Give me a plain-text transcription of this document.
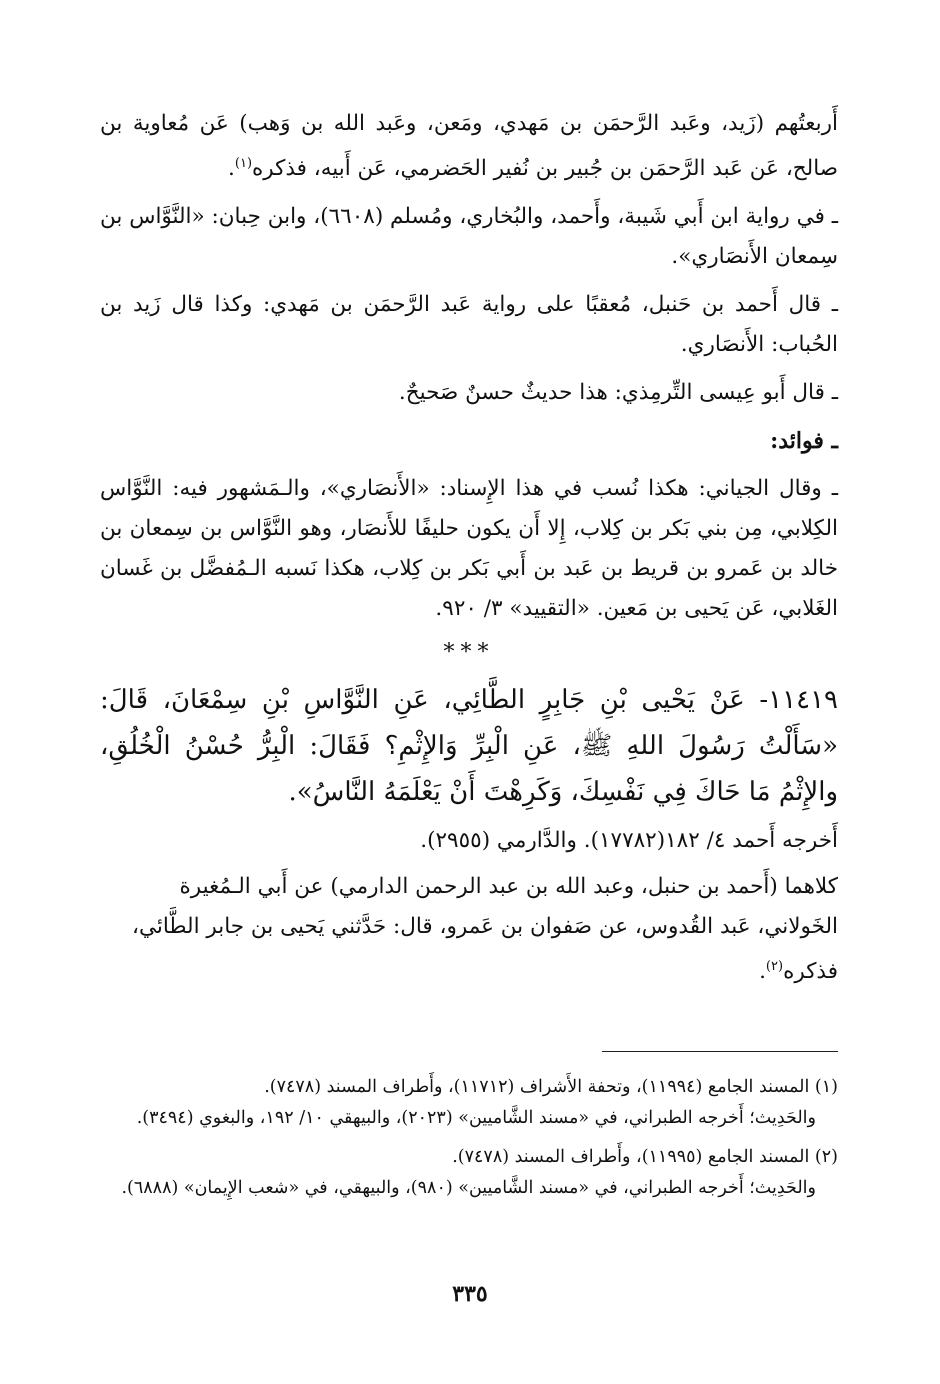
أَربعتُهم (زَيد، وعَبد الرَّحمَن بن مَهدي، ومَعن، وعَبد الله بن وَهب) عَن مُعاوية بن صالح، عَن عَبد الرَّحمَن بن جُبير بن نُفير الحَضرمي، عَن أَبيه، فذكره$^{(١)}$.

ـ في رواية ابن أَبي شَيبة، وأَحمد، والبُخاري، ومُسلم (٦٦٠٨)، وابن حِبان: «النَّوَّاس بن سِمعان الأَنصَاري».

ـ قال أَحمد بن حَنبل، مُعقبًا على رواية عَبد الرَّحمَن بن مَهدي: وكذا قال زَيد بن الحُباب: الأَنصَاري.

ـ قال أَبو عِيسى التِّرمِذي: هذا حديثٌ حسنٌ صَحيحٌ.

ـ فوائد:

ـ وقال الجياني: هكذا نُسب في هذا الإِسناد: «الأَنصَاري»، والـمَشهور فيه: النَّوَّاس الكِلابي، مِن بني بَكر بن كِلاب، إِلا أَن يكون حليفًا للأَنصَار، وهو النَّوَّاس بن سِمعان بن خالد بن عَمرو بن قريط بن عَبد بن أَبي بَكر بن كِلاب، هكذا نَسبه الـمُفضَّل بن غَسان الغَلابي، عَن يَحيى بن مَعين. «التقييد» ٣/ ٩٢٠.

***

١١٤١٩- عَنْ يَحْيى بْنِ جَابِرٍ الطَّائِي، عَنِ النَّوَّاسِ بْنِ سِمْعَانَ، قَالَ: «سَأَلْتُ رَسُولَ اللهِ ﷺ، عَنِ الْبِرِّ وَالإِثْمِ؟ فَقَالَ: الْبِرُّ حُسْنُ الْخُلُقِ، والإِثْمُ مَا حَاكَ فِي نَفْسِكَ، وَكَرِهْتَ أَنْ يَعْلَمَهُ النَّاسُ».

أَخرجه أَحمد ٤/ ١٨٢(١٧٧٨٢). والدَّارمي (٢٩٥٥).

كلاهما (أَحمد بن حنبل، وعبد الله بن عبد الرحمن الدارمي) عن أَبي الـمُغيرة الخَولاني، عَبد القُدوس، عن صَفوان بن عَمرو، قال: حَدَّثني يَحيى بن جابر الطَّائي، فذكره$^{(٢)}$.

(١) المسند الجامع (١١٩٩٤)، وتحفة الأَشراف (١١٧١٢)، وأَطراف المسند (٧٤٧٨).

والحَدِيث؛ أَخرجه الطبراني، في «مسند الشَّاميين» (٢٠٢٣)، والبيهقي ١٠/ ١٩٢، والبغوي (٣٤٩٤).

(٢) المسند الجامع (١١٩٩٥)، وأَطراف المسند (٧٤٧٨).

والحَدِيث؛ أَخرجه الطبراني، في «مسند الشَّاميين» (٩٨٠)، والبيهقي، في «شعب الإِيمان» (٦٨٨٨).

٣٣٥
